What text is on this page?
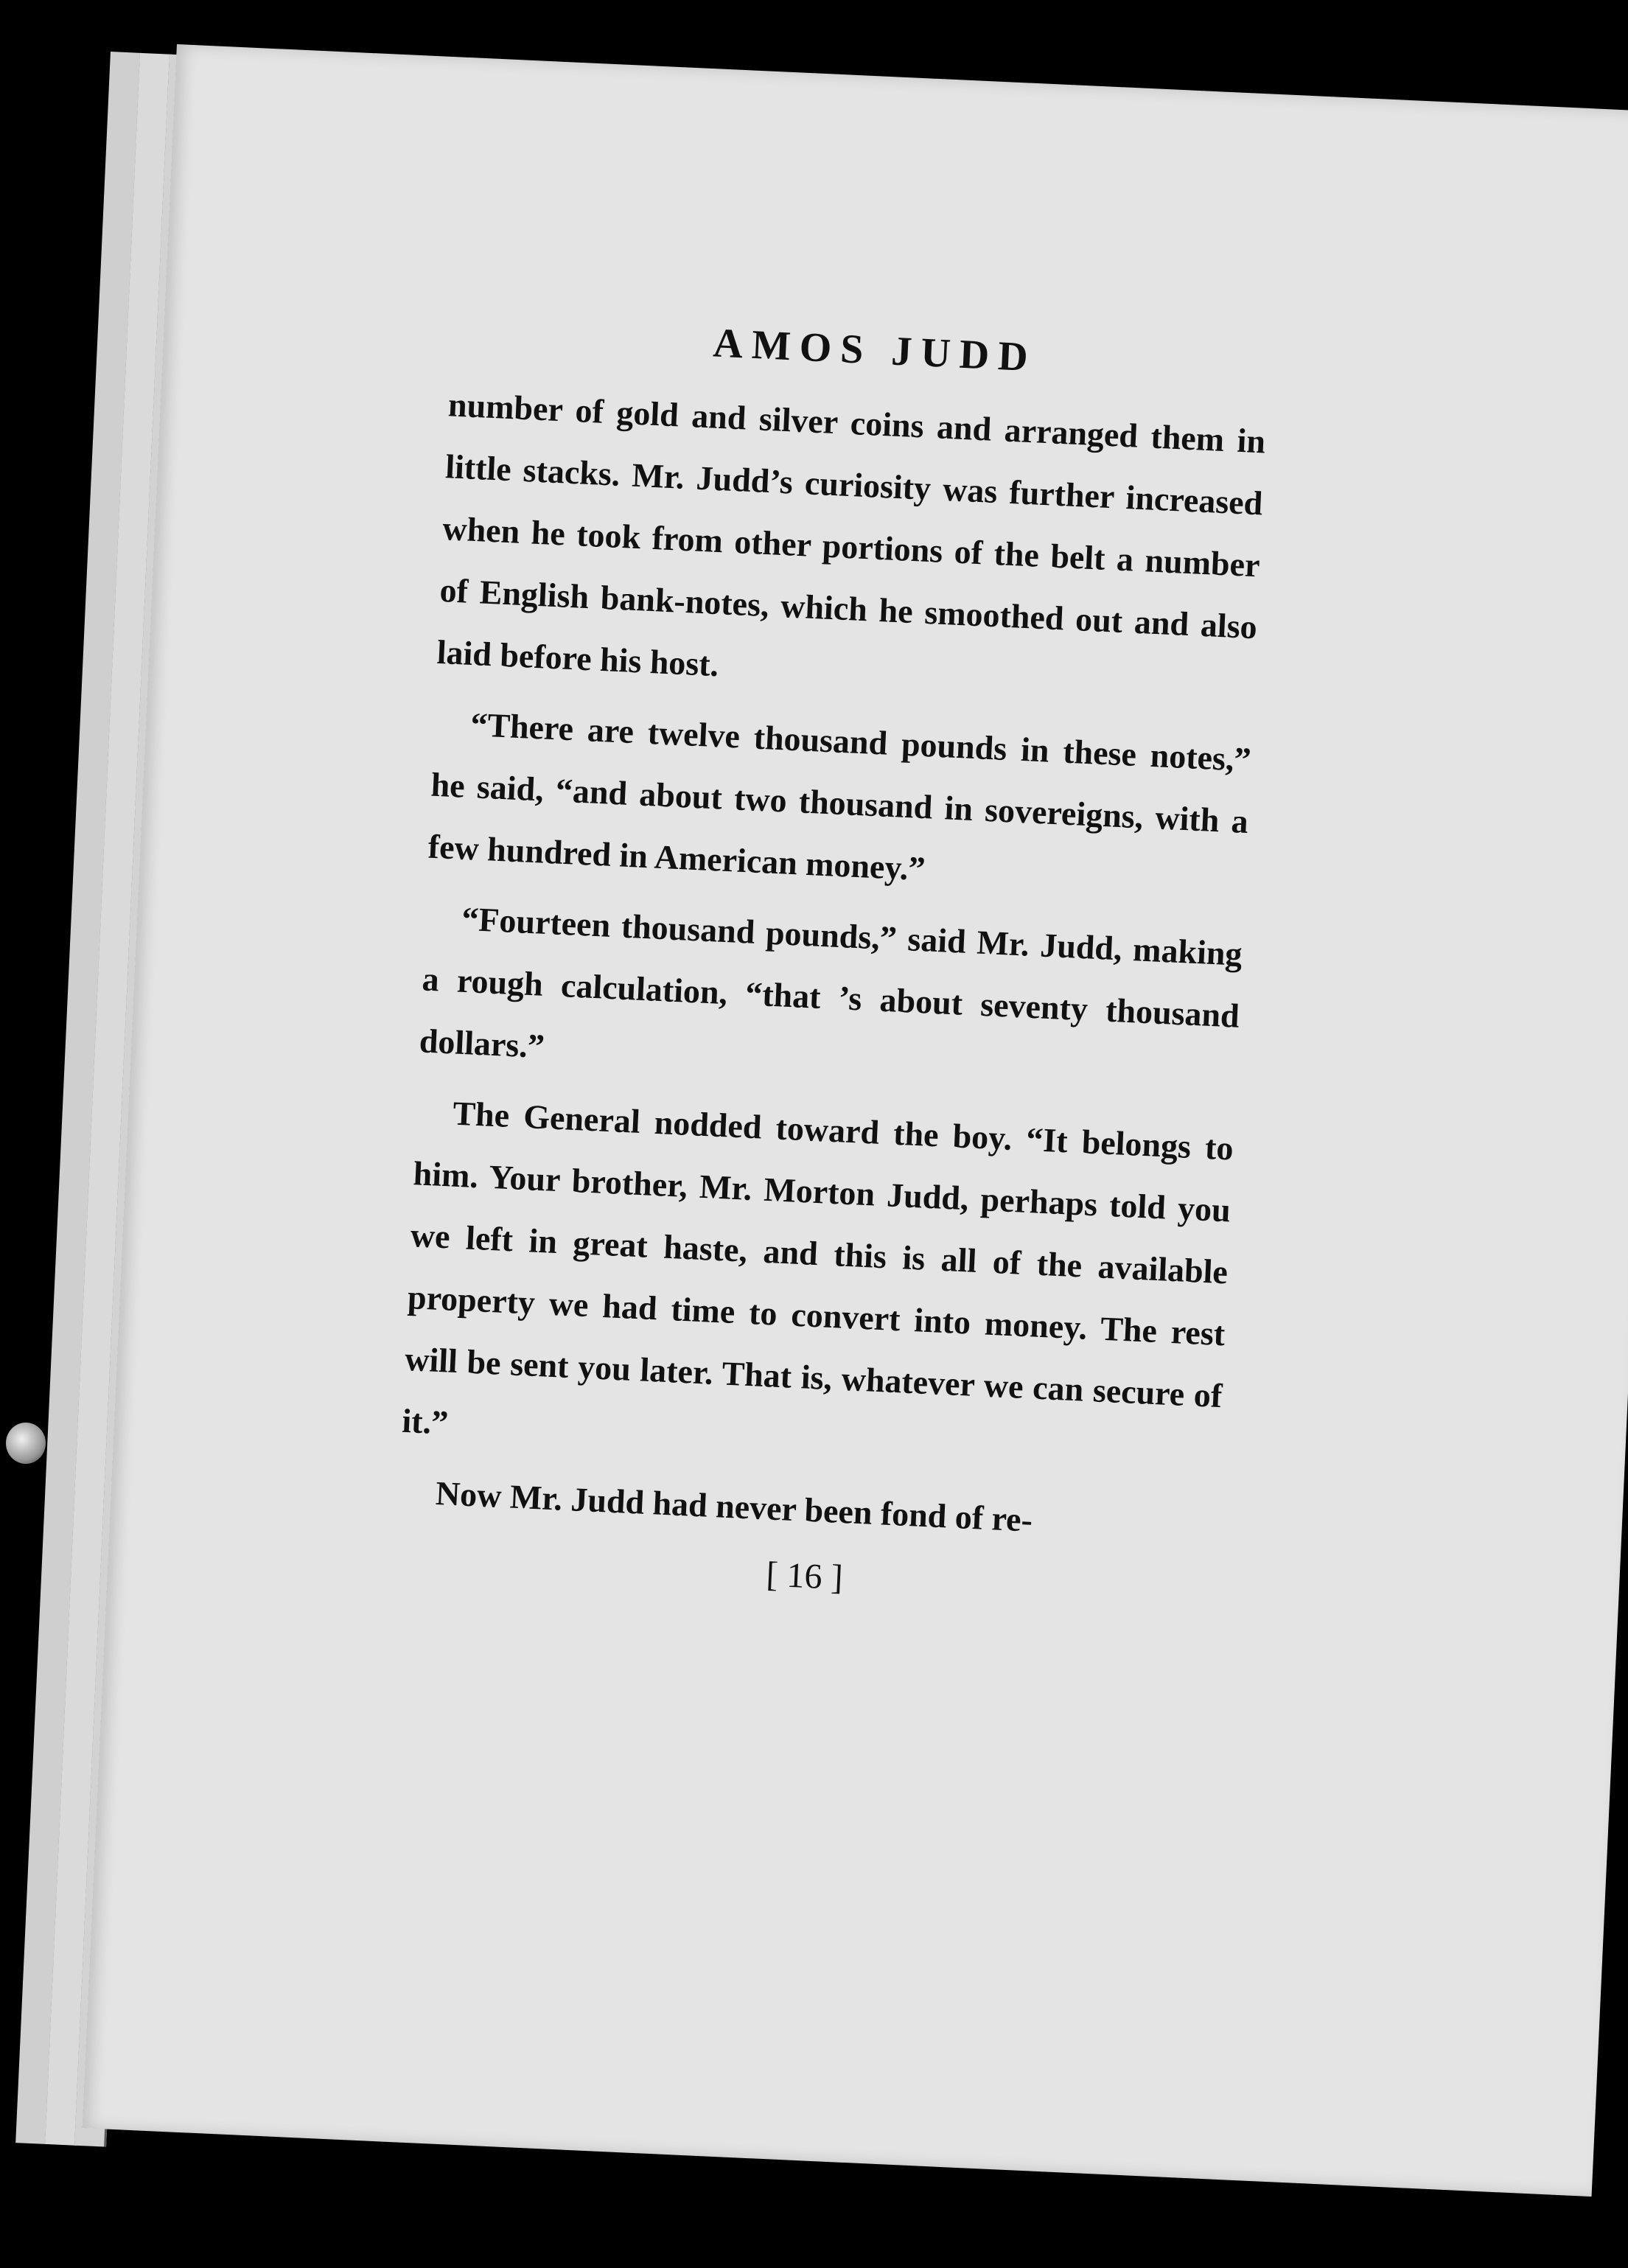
AMOS JUDD

number of gold and silver coins and arranged them in little stacks. Mr. Judd’s curiosity was further increased when he took from other portions of the belt a number of English bank-notes, which he smoothed out and also laid before his host.

“There are twelve thousand pounds in these notes,” he said, “and about two thousand in sovereigns, with a few hundred in American money.”

“Fourteen thousand pounds,” said Mr. Judd, making a rough calculation, “that ’s about seventy thousand dollars.”

The General nodded toward the boy. “It belongs to him. Your brother, Mr. Morton Judd, perhaps told you we left in great haste, and this is all of the available property we had time to convert into money. The rest will be sent you later. That is, whatever we can secure of it.”

Now Mr. Judd had never been fond of re-

[ 16 ]
